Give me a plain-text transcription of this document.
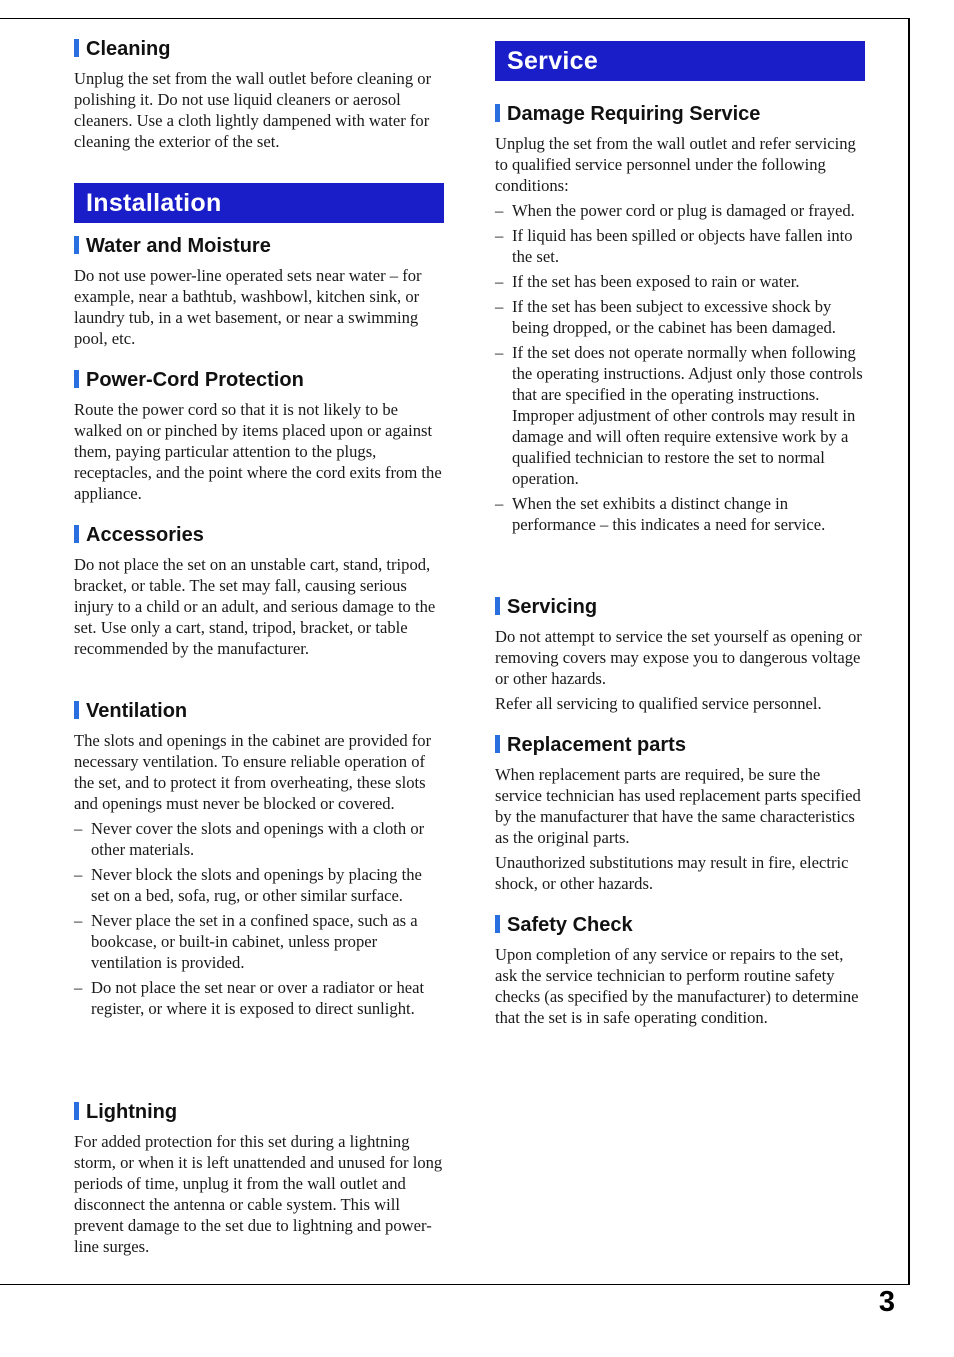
Cleaning

Unplug the set from the wall outlet before cleaning or polishing it. Do not use liquid cleaners or aerosol cleaners. Use a cloth lightly dampened with water for cleaning the exterior of the set.

Installation
Water and Moisture

Do not use power-line operated sets near water – for example, near a bathtub, washbowl, kitchen sink, or laundry tub, in a wet basement, or near a swimming pool, etc.

Power-Cord Protection

Route the power cord so that it is not likely to be walked on or pinched by items placed upon or against them, paying particular attention to the plugs, receptacles, and the point where the cord exits from the appliance.

Accessories

Do not place the set on an unstable cart, stand, tripod, bracket, or table. The set may fall, causing serious injury to a child or an adult, and serious damage to the set. Use only a cart, stand, tripod, bracket, or table recommended by the manufacturer.

Ventilation

The slots and openings in the cabinet are provided for necessary ventilation. To ensure reliable operation of the set, and to protect it from overheating, these slots and openings must never be blocked or covered.

– Never cover the slots and openings with a cloth or other materials.
– Never block the slots and openings by placing the set on a bed, sofa, rug, or other similar surface.
– Never place the set in a confined space, such as a bookcase, or built-in cabinet, unless proper ventilation is provided.
– Do not place the set near or over a radiator or heat register, or where it is exposed to direct sunlight.
Lightning

For added protection for this set during a lightning storm, or when it is left unattended and unused for long periods of time, unplug it from the wall outlet and disconnect the antenna or cable system. This will prevent damage to the set due to lightning and power-line surges.

Service
Damage Requiring Service

Unplug the set from the wall outlet and refer servicing to qualified service personnel under the following conditions:

– When the power cord or plug is damaged or frayed.
– If liquid has been spilled or objects have fallen into the set.
– If the set has been exposed to rain or water.
– If the set has been subject to excessive shock by being dropped, or the cabinet has been damaged.
– If the set does not operate normally when following the operating instructions. Adjust only those controls that are specified in the operating instructions. Improper adjustment of other controls may result in damage and will often require extensive work by a qualified technician to restore the set to normal operation.
– When the set exhibits a distinct change in performance – this indicates a need for service.
Servicing

Do not attempt to service the set yourself as opening or removing covers may expose you to dangerous voltage or other hazards.

Refer all servicing to qualified service personnel.

Replacement parts

When replacement parts are required, be sure the service technician has used replacement parts specified by the manufacturer that have the same characteristics as the original parts.

Unauthorized substitutions may result in fire, electric shock, or other hazards.

Safety Check

Upon completion of any service or repairs to the set, ask the service technician to perform routine safety checks (as specified by the manufacturer) to determine that the set is in safe operating condition.

3
